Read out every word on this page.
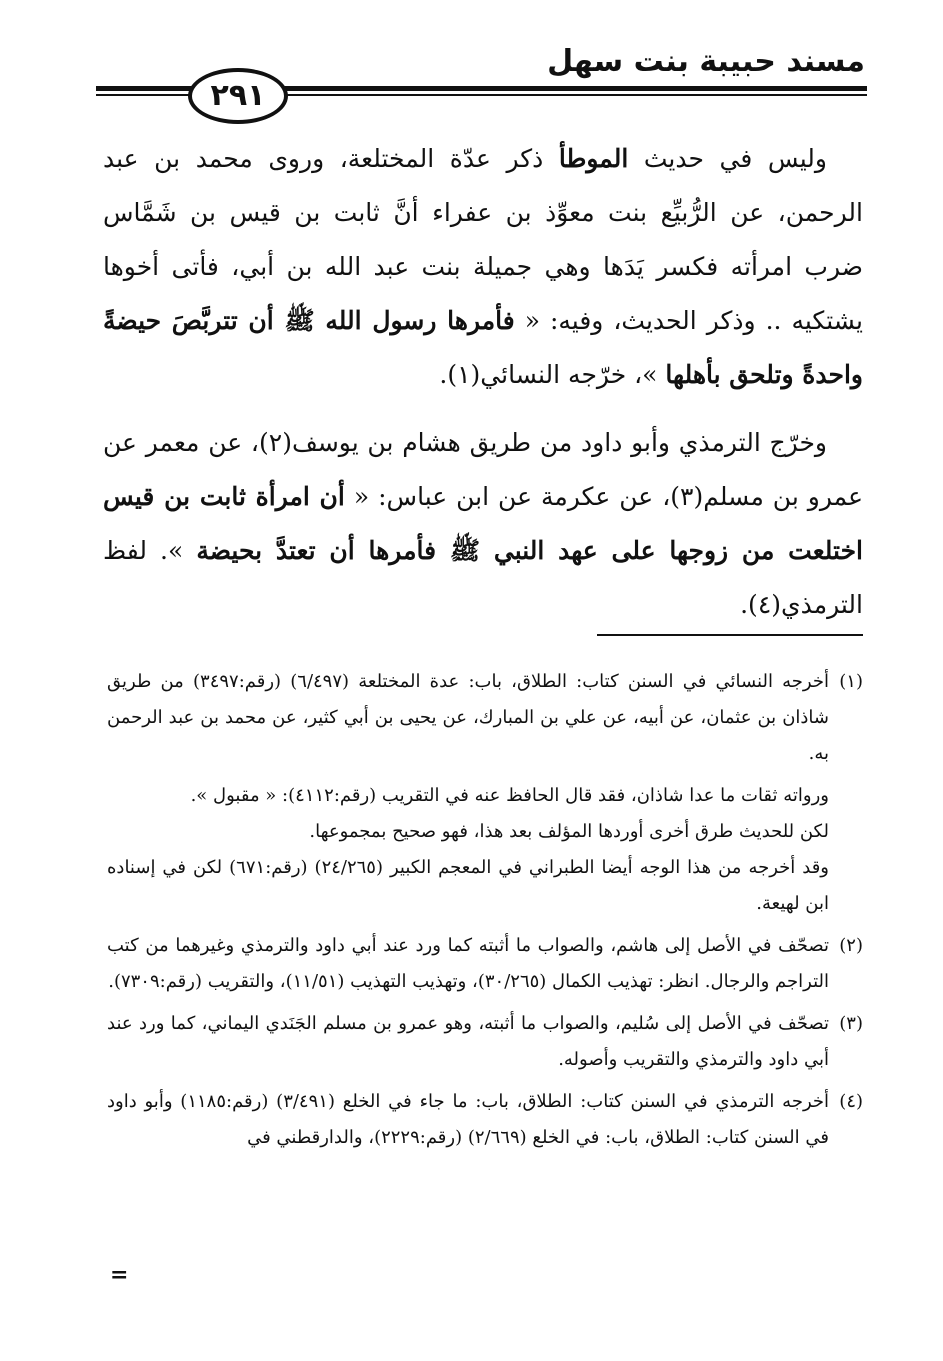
مسند حبيبة بنت سهل
٢٩١

وليس في حديث الموطأ ذكر عدّة المختلعة، وروى محمد بن عبد الرحمن، عن الرُّبيِّع بنت معوِّذ بن عفراء أنَّ ثابت بن قيس بن شَمَّاس ضرب امرأته فكسر يَدَها وهي جميلة بنت عبد الله بن أبي، فأتى أخوها يشتكيه .. وذكر الحديث، وفيه: « فأمرها رسول الله ﷺ أن تتربَّصَ حيضةً واحدةً وتلحق بأهلها »، خرّجه النسائي(١).

وخرّج الترمذي وأبو داود من طريق هشام بن يوسف(٢)، عن معمر عن عمرو بن مسلم(٣)، عن عكرمة عن ابن عباس: « أن امرأة ثابت بن قيس اختلعت من زوجها على عهد النبي ﷺ فأمرها أن تعتدَّ بحيضة ». لفظ الترمذي(٤).

(١)أخرجه النسائي في السنن كتاب: الطلاق، باب: عدة المختلعة (٦/٤٩٧) (رقم:٣٤٩٧) من طريق شاذان بن عثمان، عن أبيه، عن علي بن المبارك، عن يحيى بن أبي كثير، عن محمد بن عبد الرحمن به.
ورواته ثقات ما عدا شاذان، فقد قال الحافظ عنه في التقريب (رقم:٤١١٢): « مقبول ».
لكن للحديث طرق أخرى أوردها المؤلف بعد هذا، فهو صحيح بمجموعها.
وقد أخرجه من هذا الوجه أيضا الطبراني في المعجم الكبير (٢٤/٢٦٥) (رقم:٦٧١) لكن في إسناده ابن لهيعة.
(٢)تصحّف في الأصل إلى هاشم، والصواب ما أثبته كما ورد عند أبي داود والترمذي وغيرهما من كتب التراجم والرجال. انظر: تهذيب الكمال (٣٠/٢٦٥)، وتهذيب التهذيب (١١/٥١)، والتقريب (رقم:٧٣٠٩).
(٣)تصحّف في الأصل إلى سُليم، والصواب ما أثبته، وهو عمرو بن مسلم الجَنَدي اليماني، كما ورد عند أبي داود والترمذي والتقريب وأصوله.
(٤)أخرجه الترمذي في السنن كتاب: الطلاق، باب: ما جاء في الخلع (٣/٤٩١) (رقم:١١٨٥) وأبو داود في السنن كتاب: الطلاق، باب: في الخلع (٢/٦٦٩) (رقم:٢٢٢٩)، والدارقطني في
=
